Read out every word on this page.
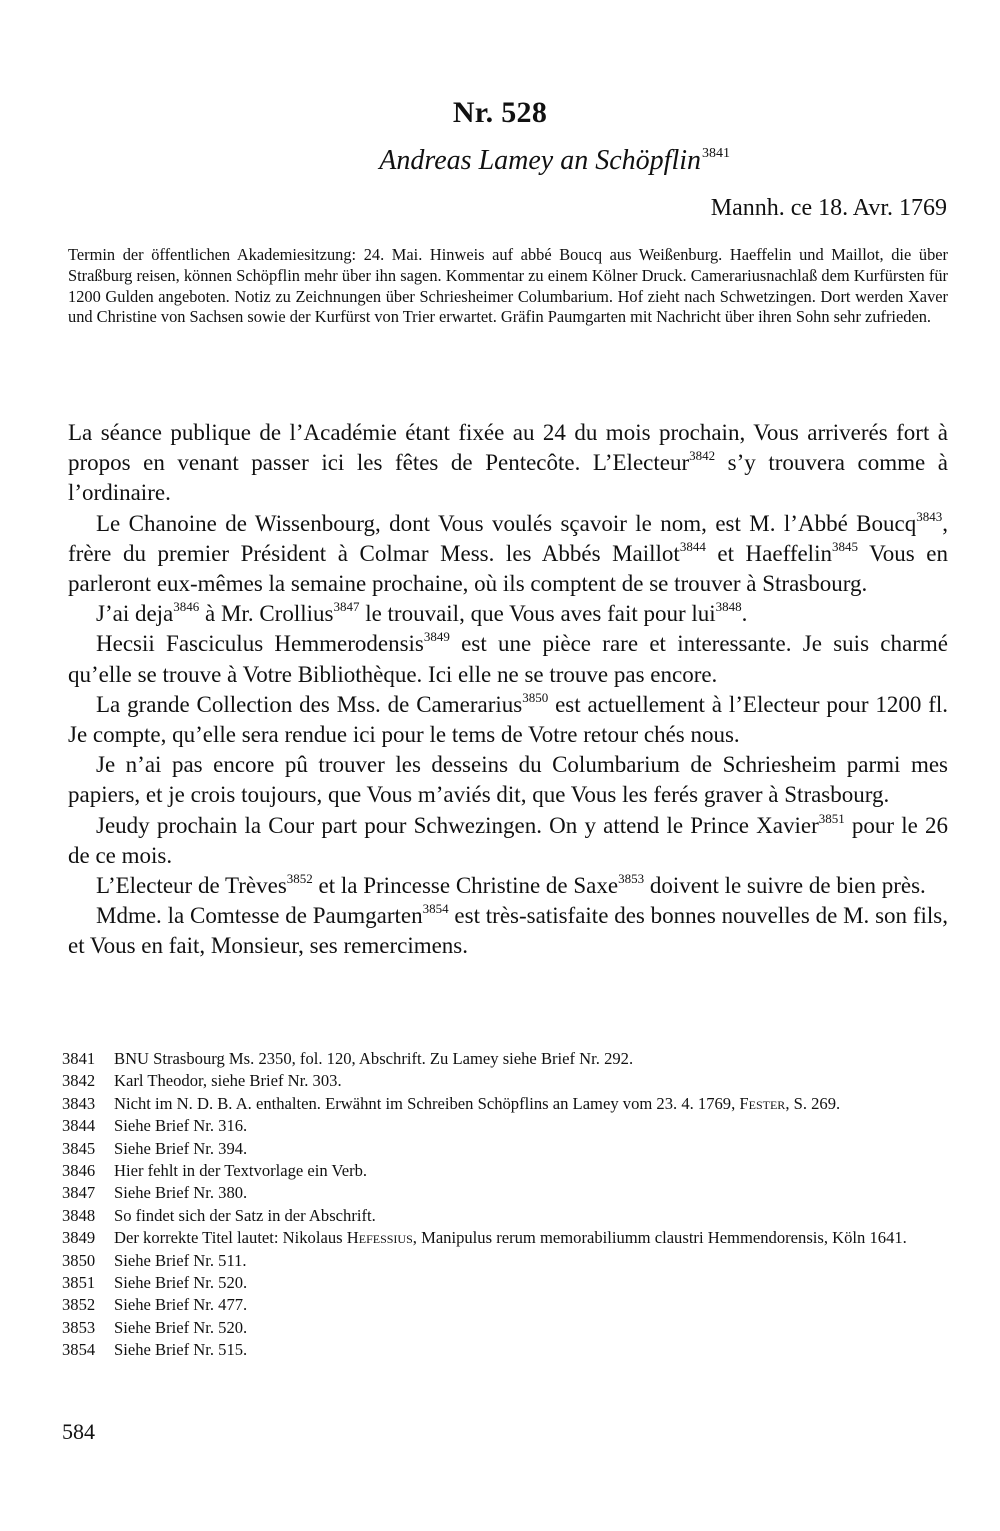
Nr. 528
Andreas Lamey an Schöpflin$^{3841}$
Mannh. ce 18. Avr. 1769
Termin der öffentlichen Akademiesitzung: 24. Mai. Hinweis auf abbé Boucq aus Weißenburg. Haeffelin und Maillot, die über Straßburg reisen, können Schöpflin mehr über ihn sagen. Kommentar zu einem Kölner Druck. Camerariusnachlaß dem Kurfürsten für 1200 Gulden angeboten. Notiz zu Zeichnungen über Schriesheimer Columbarium. Hof zieht nach Schwetzingen. Dort werden Xaver und Christine von Sachsen sowie der Kurfürst von Trier erwartet. Gräfin Paumgarten mit Nachricht über ihren Sohn sehr zufrieden.

La séance publique de l’Académie étant fixée au 24 du mois prochain, Vous arriverés fort à propos en venant passer ici les fêtes de Pentecôte. L’Electeur$^{3842}$ s’y trouvera comme à l’ordinaire.

Le Chanoine de Wissenbourg, dont Vous voulés sçavoir le nom, est M. l’Abbé Boucq$^{3843}$, frère du premier Président à Colmar Mess. les Abbés Maillot$^{3844}$ et Haeffelin$^{3845}$ Vous en parleront eux-mêmes la semaine prochaine, où ils comptent de se trouver à Strasbourg.

J’ai deja$^{3846}$ à Mr. Crollius$^{3847}$ le trouvail, que Vous aves fait pour lui$^{3848}$.

Hecsii Fasciculus Hemmerodensis$^{3849}$ est une pièce rare et interessante. Je suis charmé qu’elle se trouve à Votre Bibliothèque. Ici elle ne se trouve pas encore.

La grande Collection des Mss. de Camerarius$^{3850}$ est actuellement à l’Electeur pour 1200 fl. Je compte, qu’elle sera rendue ici pour le tems de Votre retour chés nous.

Je n’ai pas encore pû trouver les desseins du Columbarium de Schriesheim parmi mes papiers, et je crois toujours, que Vous m’aviés dit, que Vous les ferés graver à Strasbourg.

Jeudy prochain la Cour part pour Schwezingen. On y attend le Prince Xavier$^{3851}$ pour le 26 de ce mois.

L’Electeur de Trèves$^{3852}$ et la Princesse Christine de Saxe$^{3853}$ doivent le suivre de bien près.

Mdme. la Comtesse de Paumgarten$^{3854}$ est très-satisfaite des bonnes nouvelles de M. son fils, et Vous en fait, Monsieur, ses remercimens.

3841	BNU Strasbourg Ms. 2350, fol. 120, Abschrift. Zu Lamey siehe Brief Nr. 292.
3842	Karl Theodor, siehe Brief Nr. 303.
3843	Nicht im N. D. B. A. enthalten. Erwähnt im Schreiben Schöpflins an Lamey vom 23. 4. 1769, Fester, S. 269.
3844	Siehe Brief Nr. 316.
3845	Siehe Brief Nr. 394.
3846	Hier fehlt in der Textvorlage ein Verb.
3847	Siehe Brief Nr. 380.
3848	So findet sich der Satz in der Abschrift.
3849	Der korrekte Titel lautet: Nikolaus Hefessius, Manipulus rerum memorabiliumm claustri Hemmendorensis, Köln 1641.
3850	Siehe Brief Nr. 511.
3851	Siehe Brief Nr. 520.
3852	Siehe Brief Nr. 477.
3853	Siehe Brief Nr. 520.
3854	Siehe Brief Nr. 515.
584
